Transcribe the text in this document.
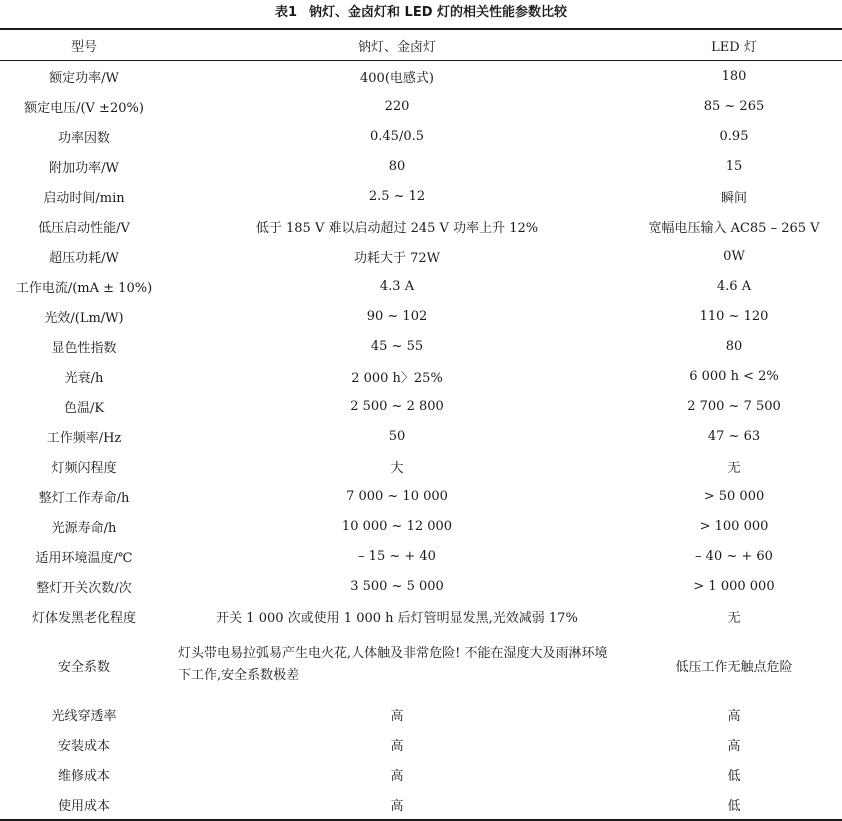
表1 钠灯、金卤灯和 LED 灯的相关性能参数比较
型号	钠灯、金卤灯	LED 灯
额定功率/W	400(电感式)	180
额定电压/(V ±20%)	220	85 ~ 265
功率因数	0.45/0.5	0.95
附加功率/W	80	15
启动时间/min	2.5 ~ 12	瞬间
低压启动性能/V	低于 185 V 难以启动超过 245 V 功率上升 12%	宽幅电压输入 AC85 – 265 V
超压功耗/W	功耗大于 72W	0W
工作电流/(mA ± 10%)	4.3 A	4.6 A
光效/(Lm/W)	90 ~ 102	110 ~ 120
显色性指数	45 ~ 55	80
光衰/h	2 000 h〉25%	6 000 h < 2%
色温/K	2 500 ~ 2 800	2 700 ~ 7 500
工作频率/Hz	50	47 ~ 63
灯频闪程度	大	无
整灯工作寿命/h	7 000 ~ 10 000	> 50 000
光源寿命/h	10 000 ~ 12 000	> 100 000
适用环境温度/℃	– 15 ~ + 40	– 40 ~ + 60
整灯开关次数/次	3 500 ~ 5 000	> 1 000 000
灯体发黑老化程度	开关 1 000 次或使用 1 000 h 后灯管明显发黑,光效减弱 17%	无
安全系数	灯头带电易拉弧易产生电火花,人体触及非常危险! 不能在湿度大及雨淋环境下工作,安全系数极差	低压工作无触点危险
光线穿透率	高	高
安装成本	高	高
维修成本	高	低
使用成本	高	低
